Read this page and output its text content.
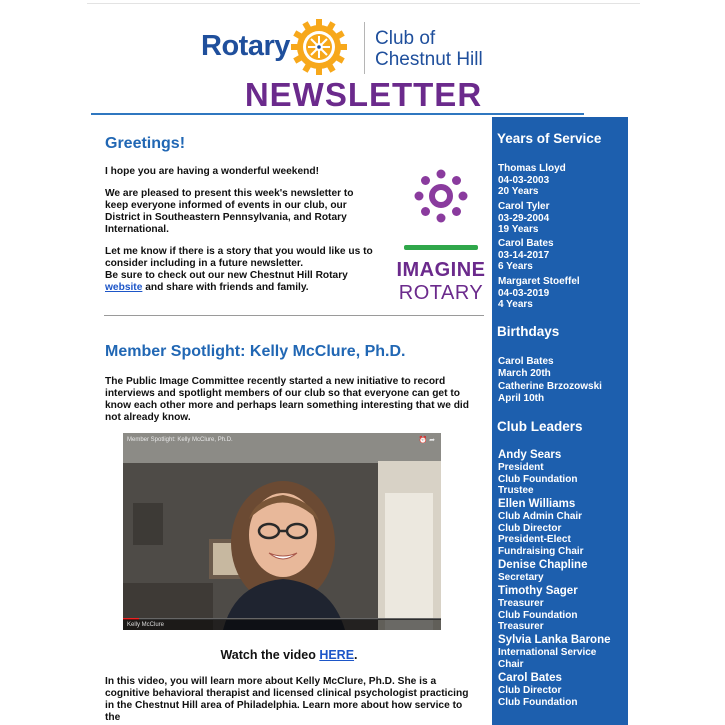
Rotary	Club of
Chestnut Hill
NEWSLETTER
Greetings!

I hope you are having a wonderful weekend!

We are pleased to present this week's newsletter to keep everyone informed of events in our club, our District in Southeastern Pennsylvania, and Rotary International.

Let me know if there is a story that you would like us to consider including in a future newsletter.

Be sure to check out our new Chestnut Hill Rotary
website and share with friends and family.

IMAGINE
ROTARY
Member Spotlight: Kelly McClure, Ph.D.

The Public Image Committee recently started a new initiative to record interviews and spotlight members of our club so that everyone can get to know each other more and perhaps learn something interesting that we did not already know.

Member Spotlight: Kelly McClure, Ph.D.	⏰ ➦
Kelly McClure
Watch the video HERE.

In this video, you will learn more about Kelly McClure, Ph.D. She is a cognitive behavioral therapist and licensed clinical psychologist practicing in the Chestnut Hill area of Philadelphia. Learn more about how service to the

Years of Service

Thomas Lloyd

04-03-2003

20 Years

Carol Tyler

03-29-2004

19 Years

Carol Bates

03-14-2017

6 Years

Margaret Stoeffel

04-03-2019

4 Years

Birthdays

Carol Bates

March 20th

Catherine Brzozowski

April 10th

Club Leaders

Andy Sears

President

Club Foundation

Trustee

Ellen Williams

Club Admin Chair

Club Director

President-Elect

Fundraising Chair

Denise Chapline

Secretary

Timothy Sager

Treasurer

Club Foundation

Treasurer

Sylvia Lanka Barone

International Service

Chair

Carol Bates

Club Director

Club Foundation
